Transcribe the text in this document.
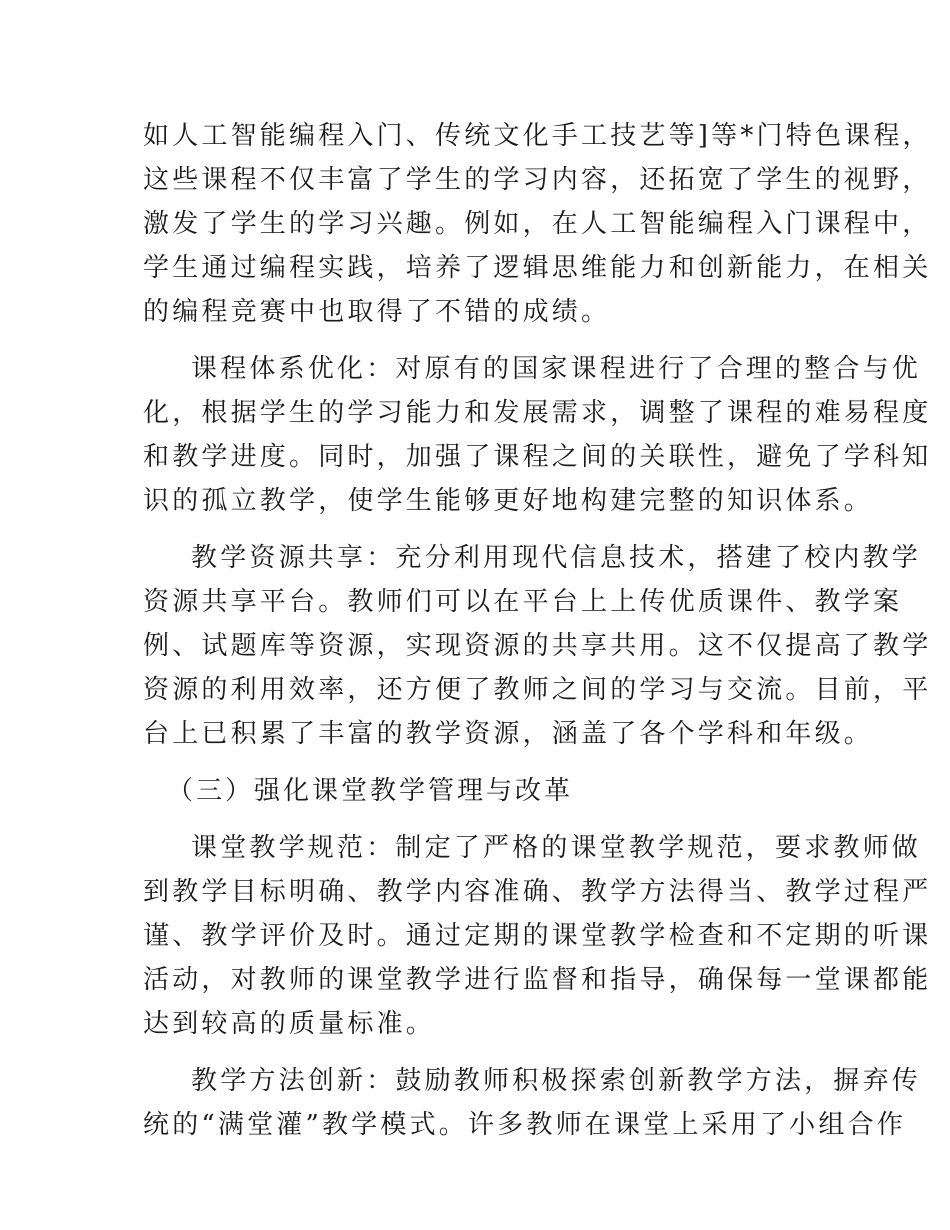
如人工智能编程入门、传统文化手工技艺等]等*门特色课程，
这些课程不仅丰富了学生的学习内容，还拓宽了学生的视野，
激发了学生的学习兴趣。例如，在人工智能编程入门课程中，
学生通过编程实践，培养了逻辑思维能力和创新能力，在相关
的编程竞赛中也取得了不错的成绩。
课程体系优化：对原有的国家课程进行了合理的整合与优
化，根据学生的学习能力和发展需求，调整了课程的难易程度
和教学进度。同时，加强了课程之间的关联性，避免了学科知
识的孤立教学，使学生能够更好地构建完整的知识体系。
教学资源共享：充分利用现代信息技术，搭建了校内教学
资源共享平台。教师们可以在平台上上传优质课件、教学案
例、试题库等资源，实现资源的共享共用。这不仅提高了教学
资源的利用效率，还方便了教师之间的学习与交流。目前，平
台上已积累了丰富的教学资源，涵盖了各个学科和年级。
（三）强化课堂教学管理与改革
课堂教学规范：制定了严格的课堂教学规范，要求教师做
到教学目标明确、教学内容准确、教学方法得当、教学过程严
谨、教学评价及时。通过定期的课堂教学检查和不定期的听课
活动，对教师的课堂教学进行监督和指导，确保每一堂课都能
达到较高的质量标准。
教学方法创新：鼓励教师积极探索创新教学方法，摒弃传
统的“满堂灌”教学模式。许多教师在课堂上采用了小组合作
